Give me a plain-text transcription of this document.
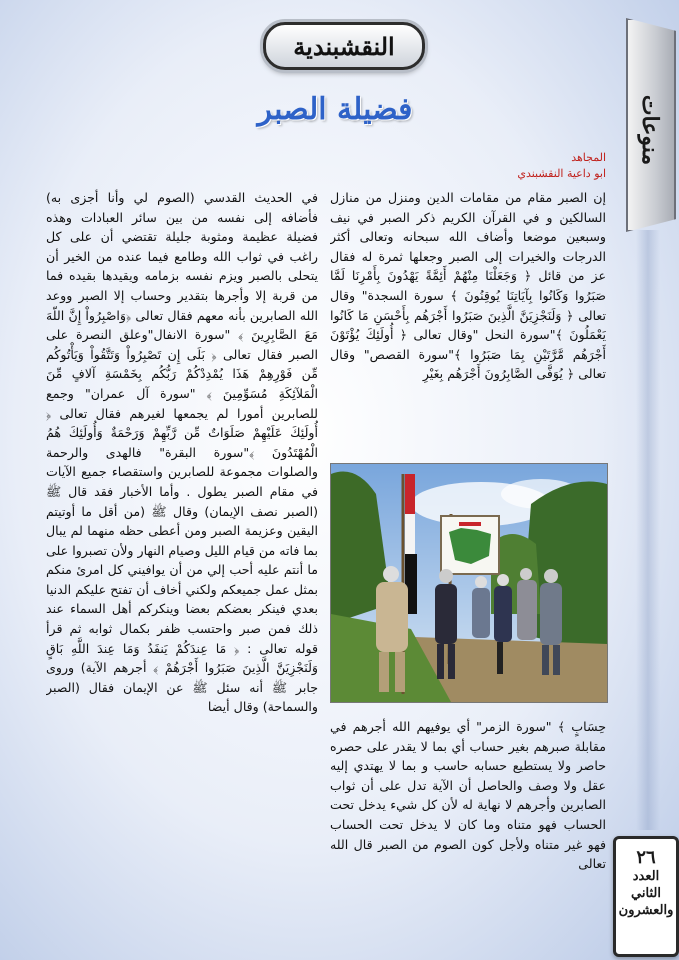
النقشبندية
منوعات
فضيلة الصبر
المجاهد
ابو داعية النقشبندي

إن الصبر مقام من مقامات الدين ومنزل من منازل السالكين و في القرآن الكريم ذكر الصبر في نيف وسبعين موضعا وأضاف الله سبحانه وتعالى أكثر الدرجات والخيرات إلى الصبر وجعلها ثمرة له فقال عز من قائل ﴿ وَجَعَلْنَا مِنْهُمْ أَئِمَّةً يَهْدُونَ بِأَمْرِنَا لَمَّا صَبَرُوا وَكَانُوا بِآيَاتِنَا يُوقِنُونَ ﴾ سورة السجدة" وقال تعالى ﴿ وَلَنَجْزِيَنَّ الَّذِينَ صَبَرُوا أَجْرَهُم بِأَحْسَنِ مَا كَانُوا يَعْمَلُونَ ﴾"سورة النحل "وقال تعالى ﴿ أُولَئِكَ يُؤْتَوْنَ أَجْرَهُم مَّرَّتَيْنِ بِمَا صَبَرُوا ﴾"سورة القصص" وقال تعالى ﴿ يُوَفَّى الصَّابِرُونَ أَجْرَهُم بِغَيْرِ

حِسَابٍ ﴾ "سورة الزمر" أي يوفيهم الله أجرهم في مقابلة صبرهم بغير حساب أي بما لا يقدر على حصره حاصر ولا يستطيع حسابه حاسب و بما لا يهتدي إليه عقل ولا وصف والحاصل أن الآية تدل على أن ثواب الصابرين وأجرهم لا نهاية له لأن كل شيء يدخل تحت الحساب فهو متناه وما كان لا يدخل تحت الحساب فهو غير متناه ولأجل كون الصوم من الصبر قال الله تعالى

في الحديث القدسي (الصوم لي وأنا أجزى به) فأضافه إلى نفسه من بين سائر العبادات وهذه فضيلة عظيمة ومثوبة جليلة تقتضي أن على كل راغب في ثواب الله وطامع فيما عنده من الخير أن يتحلى بالصبر ويزم نفسه بزمامه ويقيدها بقيده فما من قربة إلا وأجرها بتقدير وحساب إلا الصبر ووعد الله الصابرين بأنه معهم فقال تعالى ﴿وَاصْبِرُواْ إِنَّ اللّهَ مَعَ الصَّابِرِينَ ﴾ "سورة الانفال"وعلق النصرة على الصبر فقال تعالى ﴿ بَلَى إِن تَصْبِرُواْ وَتَتَّقُواْ وَيَأْتُوكُم مِّن فَوْرِهِمْ هَذَا يُمْدِدْكُمْ رَبُّكُم بِخَمْسَةِ آلافٍ مِّنَ الْمَلآئِكَةِ مُسَوِّمِينَ ﴾ "سورة آل عمران" وجمع للصابرين أمورا لم يجمعها لغيرهم فقال تعالى ﴿ أُولَئِكَ عَلَيْهِمْ صَلَوَاتٌ مِّن رَّبِّهِمْ وَرَحْمَةٌ وَأُولَئِكَ هُمُ الْمُهْتَدُونَ ﴾"سورة البقرة" فالهدى والرحمة والصلوات مجموعة للصابرين واستقصاء جميع الآيات في مقام الصبر يطول . وأما الأخبار فقد قال ﷺ (الصبر نصف الإيمان) وقال ﷺ (من أقل ما أوتيتم اليقين وعزيمة الصبر ومن أعطى حظه منهما لم يبال بما فاته من قيام الليل وصيام النهار ولأن تصبروا على ما أنتم عليه أحب إلي من أن يوافيني كل امرئ منكم بمثل عمل جميعكم ولكني أخاف أن تفتح عليكم الدنيا بعدي فينكر بعضكم بعضا وينكركم أهل السماء عند ذلك فمن صبر واحتسب ظفر بكمال ثوابه ثم قرأ قوله تعالى : ﴿ مَا عِندَكُمْ يَنفَدُ وَمَا عِندَ اللَّهِ بَاقٍ وَلَنَجْزِيَنَّ الَّذِينَ صَبَرُوا أَجْرَهُمْ ﴾ أجرهم الآية) وروى جابر ﷺ أنه سئل ﷺ عن الإيمان فقال (الصبر والسماحة) وقال أيضا

٢٦
العدد
الثاني
والعشرون
